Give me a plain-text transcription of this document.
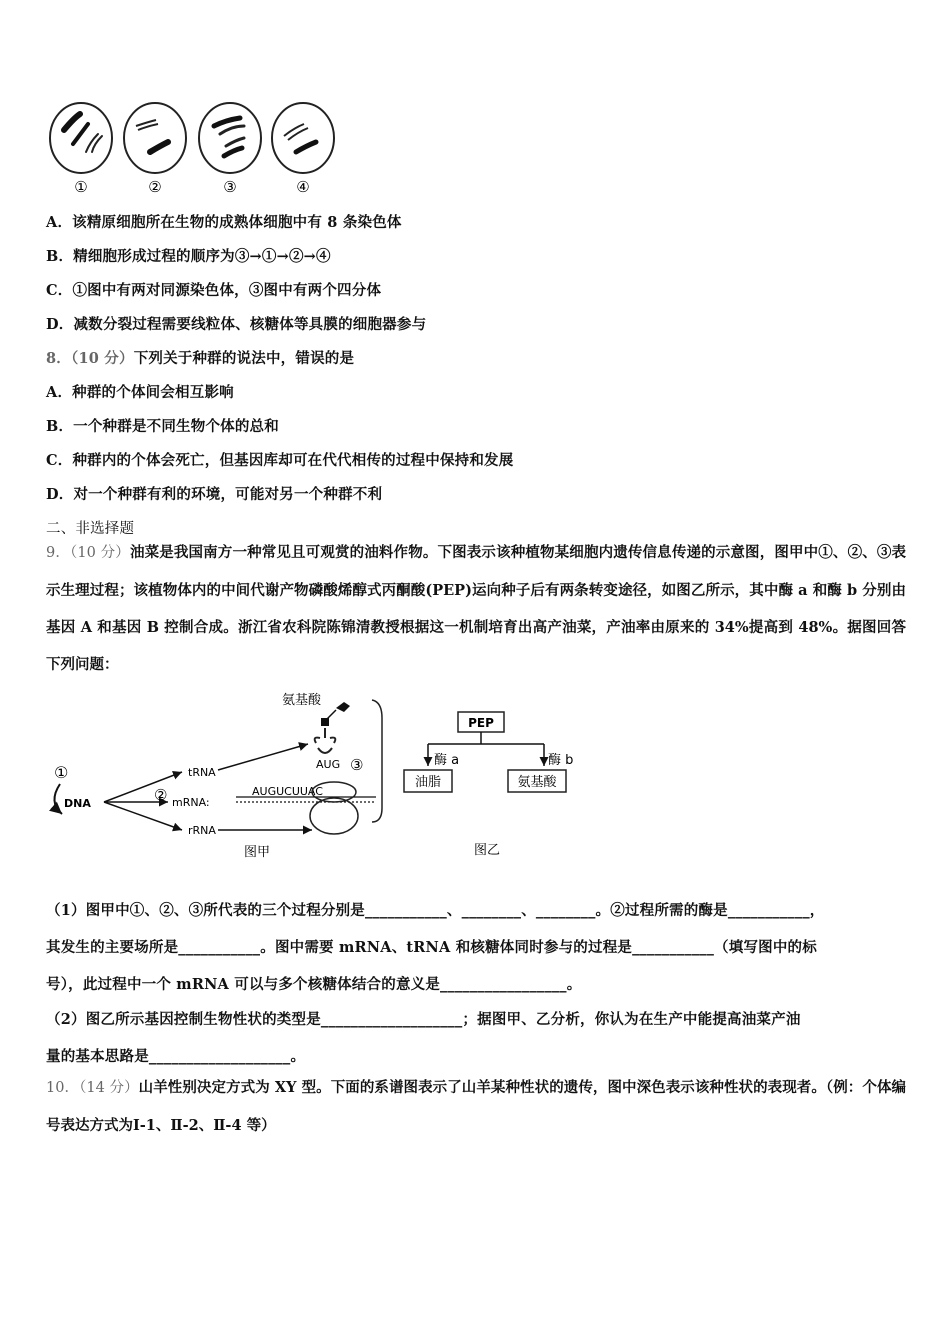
①	②	③	④
A．该精原细胞所在生物的成熟体细胞中有 8 条染色体
B．精细胞形成过程的顺序为③→①→②→④
C．①图中有两对同源染色体，③图中有两个四分体
D．减数分裂过程需要线粒体、核糖体等具膜的细胞器参与
8．（10 分）下列关于种群的说法中，错误的是
A．种群的个体间会相互影响
B．一个种群是不同生物个体的总和
C．种群内的个体会死亡，但基因库却可在代代相传的过程中保持和发展
D．对一个种群有利的环境，可能对另一个种群不利
二、非选择题
9．（10 分）油菜是我国南方一种常见且可观赏的油料作物。下图表示该种植物某细胞内遗传信息传递的示意图，图甲中①、②、③表示生理过程；该植物体内的中间代谢产物磷酸烯醇式丙酮酸(PEP)运向种子后有两条转变途径，如图乙所示，其中酶 a 和酶 b 分别由基因 A 和基因 B 控制合成。浙江省农科院陈锦清教授根据这一机制培育出高产油菜，产油率由原来的 34%提高到 48%。据图回答下列问题：
氨基酸
AUG
①
DNA	②
tRNA
mRNA:
rRNA
AUGUCUUAC
③
图甲
PEP
酶 a	酶 b
油脂	氨基酸
图乙
（1）图甲中①、②、③所代表的三个过程分别是___________、________、________。②过程所需的酶是___________，
其发生的主要场所是___________。图中需要 mRNA、tRNA 和核糖体同时参与的过程是___________（填写图中的标
号），此过程中一个 mRNA 可以与多个核糖体结合的意义是_________________。
（2）图乙所示基因控制生物性状的类型是___________________；据图甲、乙分析，你认为在生产中能提高油菜产油
量的基本思路是___________________。
10．（14 分）山羊性别决定方式为 XY 型。下面的系谱图表示了山羊某种性状的遗传，图中深色表示该种性状的表现者。（例：个体编号表达方式为Ⅰ-1、Ⅱ-2、Ⅱ-4 等）
